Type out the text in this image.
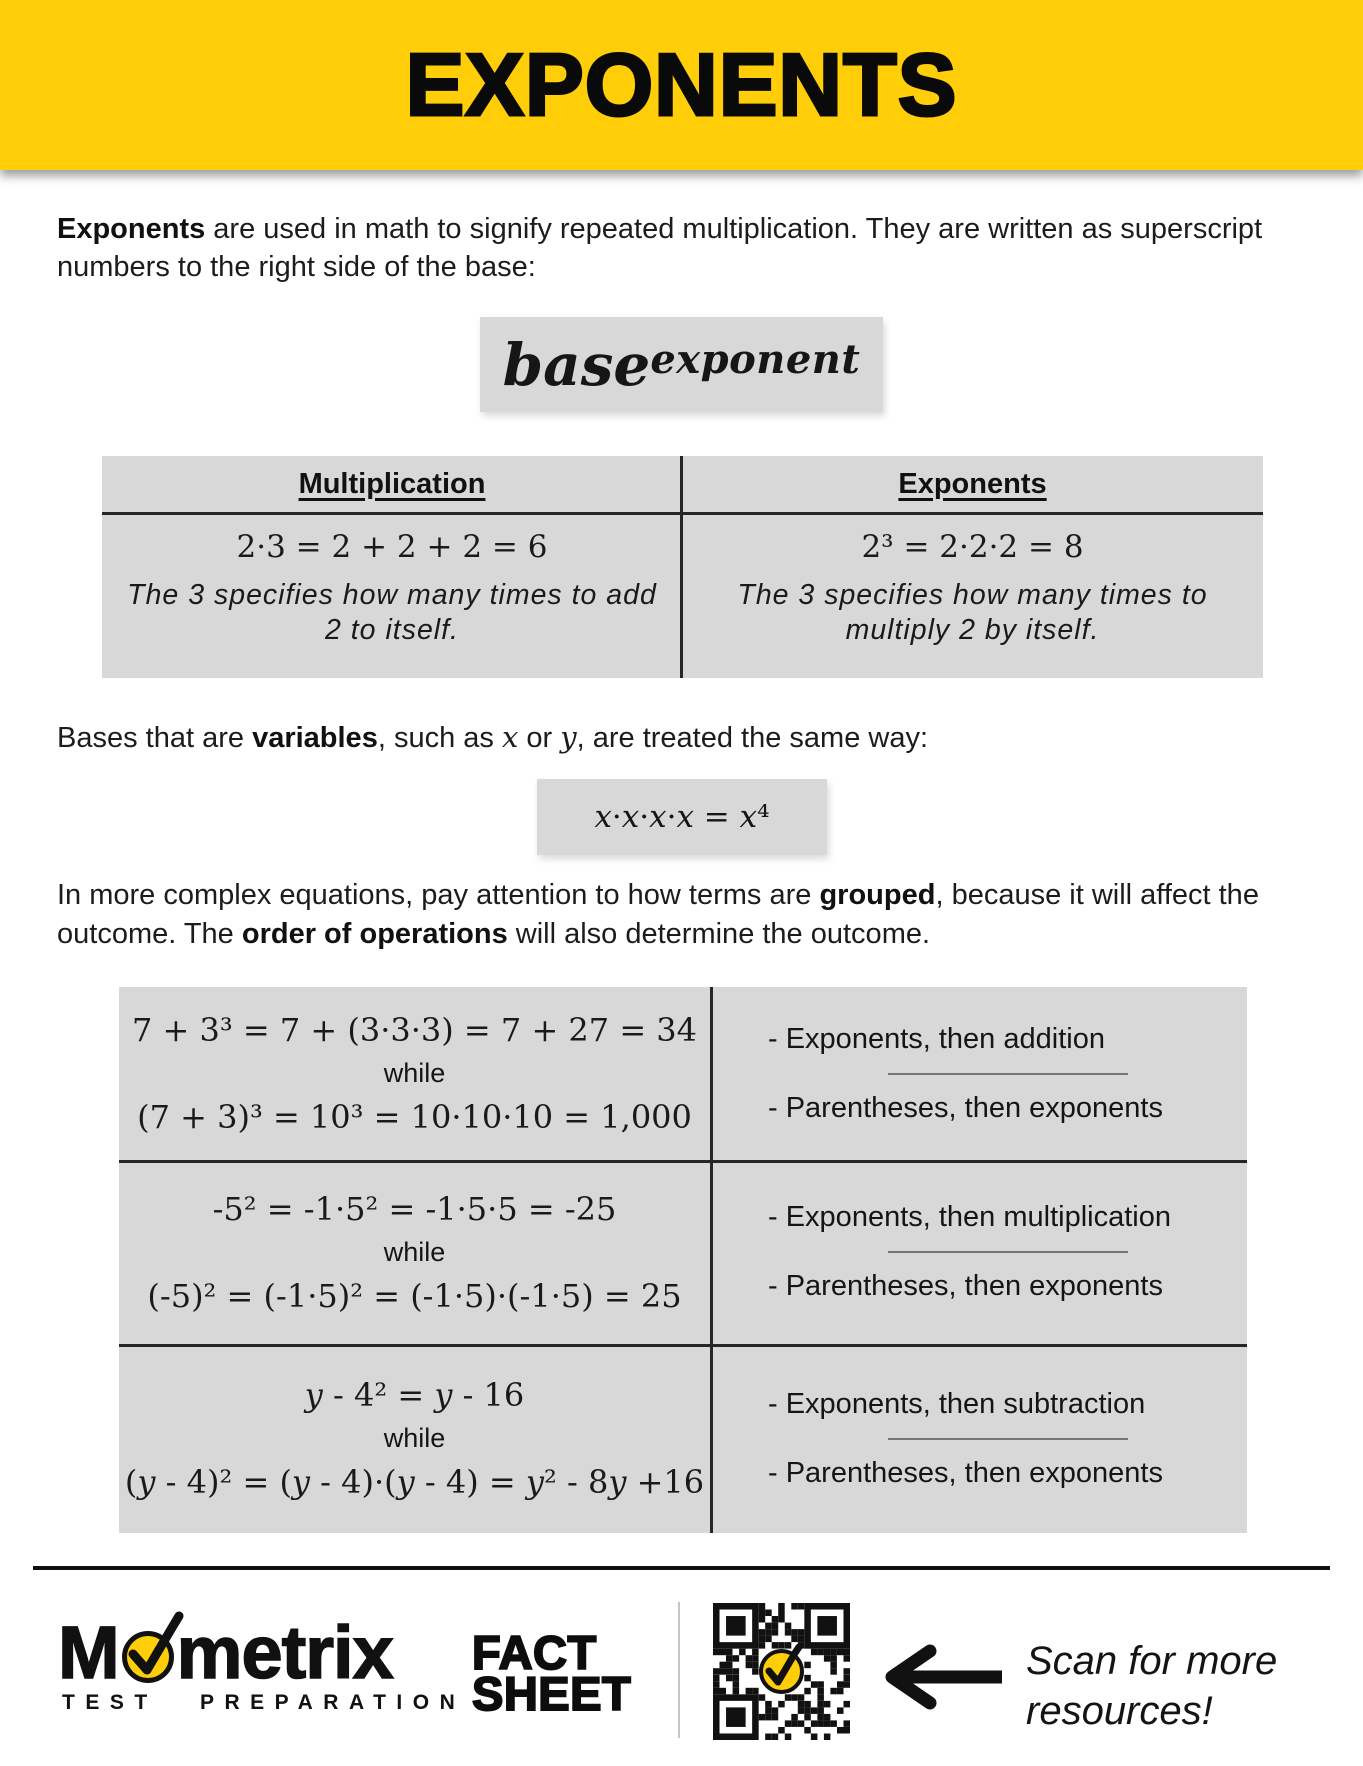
EXPONENTS

Exponents are used in math to signify repeated multiplication. They are written as superscript numbers to the right side of the base:

base$^{exponent}$
Multiplication
2·3 = 2 + 2 + 2 = 6
The 3 specifies how many times to add 2 to itself.
Exponents
2³ = 2·2·2 = 8
The 3 specifies how many times to multiply 2 by itself.

Bases that are variables, such as x or y, are treated the same way:

x·x·x·x = x⁴

In more complex equations, pay attention to how terms are grouped, because it will affect the outcome. The order of operations will also determine the outcome.

7 + 3³ = 7 + (3·3·3) = 7 + 27 = 34
while
(7 + 3)³ = 10³ = 10·10·10 = 1,000
- Exponents, then addition
- Parentheses, then exponents
-5² = -1·5² = -1·5·5 = -25
while
(-5)² = (-1·5)² = (-1·5)·(-1·5) = 25
- Exponents, then multiplication
- Parentheses, then exponents
y - 4² = y - 16
while
(y - 4)² = (y - 4)·(y - 4) = y² - 8y +16
- Exponents, then subtraction
- Parentheses, then exponents
M metrix
TEST PREPARATION
FACT
SHEET
Scan for more
resources!
